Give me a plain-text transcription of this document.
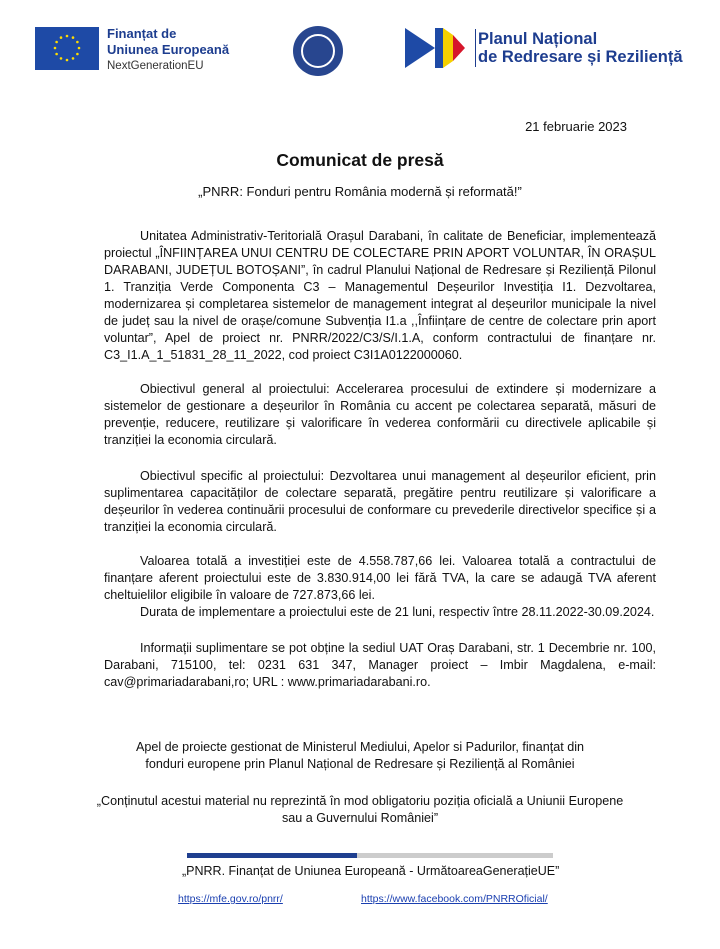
Finanțat de
Uniunea Europeană
NextGenerationEU
Planul Național
de Redresare și Reziliență
21 februarie 2023
Comunicat de presă
„PNRR: Fonduri pentru România modernă și reformată!”

Unitatea Administrativ-Teritorială Orașul Darabani, în calitate de Beneficiar, implementează proiectul „ÎNFIINȚAREA UNUI CENTRU DE COLECTARE PRIN APORT VOLUNTAR, ÎN ORAȘUL DARABANI, JUDEȚUL BOTOȘANI”, în cadrul Planului Național de Redresare și Reziliență Pilonul 1. Tranziția Verde Componenta C3 – Managementul Deșeurilor Investiția I1. Dezvoltarea, modernizarea și completarea sistemelor de management integrat al deșeurilor municipale la nivel de județ sau la nivel de orașe/comune Subvenția I1.a ,,Înființare de centre de colectare prin aport voluntar”, Apel de proiect nr. PNRR/2022/C3/S/I.1.A, conform contractului de finanțare nr. C3_I1.A_1_51831_28_11_2022, cod proiect C3I1A0122000060.

Obiectivul general al proiectului: Accelerarea procesului de extindere și modernizare a sistemelor de gestionare a deșeurilor în România cu accent pe colectarea separată, măsuri de prevenție, reducere, reutilizare și valorificare în vederea conformării cu directivele aplicabile și tranziției la economia circulară.

Obiectivul specific al proiectului: Dezvoltarea unui management al deșeurilor eficient, prin suplimentarea capacităților de colectare separată, pregătire pentru reutilizare și valorificare a deșeurilor în vederea continuării procesului de conformare cu prevederile directivelor specifice și a tranziției la economia circulară.

Valoarea totală a investiției este de 4.558.787,66 lei. Valoarea totală a contractului de finanțare aferent proiectului este de 3.830.914,00 lei fără TVA, la care se adaugă TVA aferent cheltuielilor eligibile în valoare de 727.873,66 lei.

Durata de implementare a proiectului este de 21 luni, respectiv între 28.11.2022-30.09.2024.

Informații suplimentare se pot obține la sediul UAT Oraș Darabani, str. 1 Decembrie nr. 100, Darabani, 715100, tel: 0231 631 347, Manager proiect – Imbir Magdalena, e-mail: cav@primariadarabani,ro; URL : www.primariadarabani.ro.

Apel de proiecte gestionat de Ministerul Mediului, Apelor si Padurilor, finanțat din
fonduri europene prin Planul Național de Redresare și Reziliență al României
„Conținutul acestui material nu reprezintă în mod obligatoriu poziția oficială a Uniunii Europene
sau a Guvernului României”
„PNRR. Finanțat de Uniunea Europeană - UrmătoareaGenerațieUE”
https://mfe.gov.ro/pnrr/	https://www.facebook.com/PNRROficial/
